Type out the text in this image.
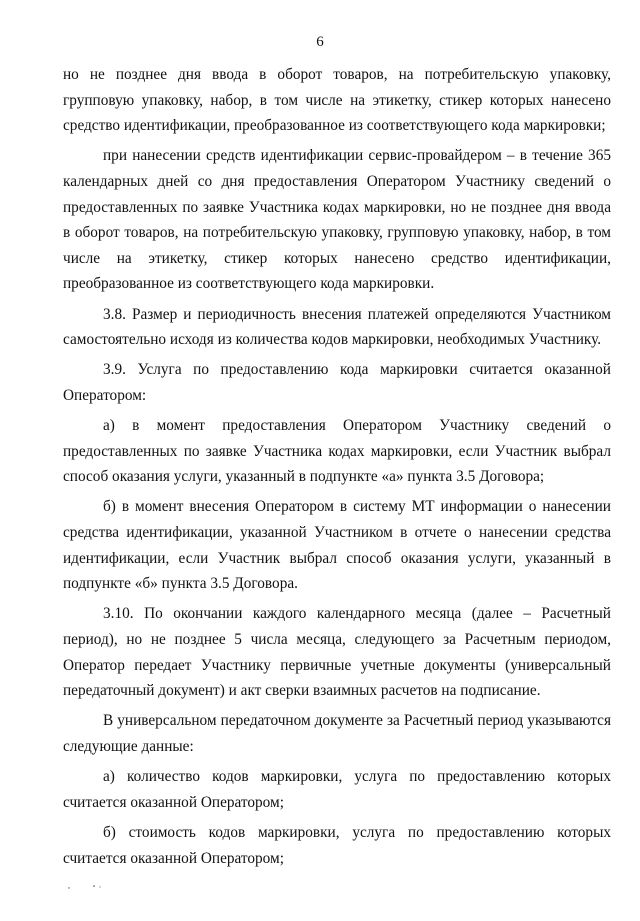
6

но не позднее дня ввода в оборот товаров, на потребительскую упаковку, групповую упаковку, набор, в том числе на этикетку, стикер которых нанесено средство идентификации, преобразованное из соответствующего кода маркировки;

при нанесении средств идентификации сервис-провайдером – в течение 365 календарных дней со дня предоставления Оператором Участнику сведений о предоставленных по заявке Участника кодах маркировки, но не позднее дня ввода в оборот товаров, на потребительскую упаковку, групповую упаковку, набор, в том числе на этикетку, стикер которых нанесено средство идентификации, преобразованное из соответствующего кода маркировки.

3.8. Размер и периодичность внесения платежей определяются Участником самостоятельно исходя из количества кодов маркировки, необходимых Участнику.

3.9. Услуга по предоставлению кода маркировки считается оказанной Оператором:

а) в момент предоставления Оператором Участнику сведений о предоставленных по заявке Участника кодах маркировки, если Участник выбрал способ оказания услуги, указанный в подпункте «а» пункта 3.5 Договора;

б) в момент внесения Оператором в систему МТ информации о нанесении средства идентификации, указанной Участником в отчете о нанесении средства идентификации, если Участник выбрал способ оказания услуги, указанный в подпункте «б» пункта 3.5 Договора.

3.10. По окончании каждого календарного месяца (далее – Расчетный период), но не позднее 5 числа месяца, следующего за Расчетным периодом, Оператор передает Участнику первичные учетные документы (универсальный передаточный документ) и акт сверки взаимных расчетов на подписание.

В универсальном передаточном документе за Расчетный период указываются следующие данные:

а) количество кодов маркировки, услуга по предоставлению которых считается оказанной Оператором;

б) стоимость кодов маркировки, услуга по предоставлению которых считается оказанной Оператором;
